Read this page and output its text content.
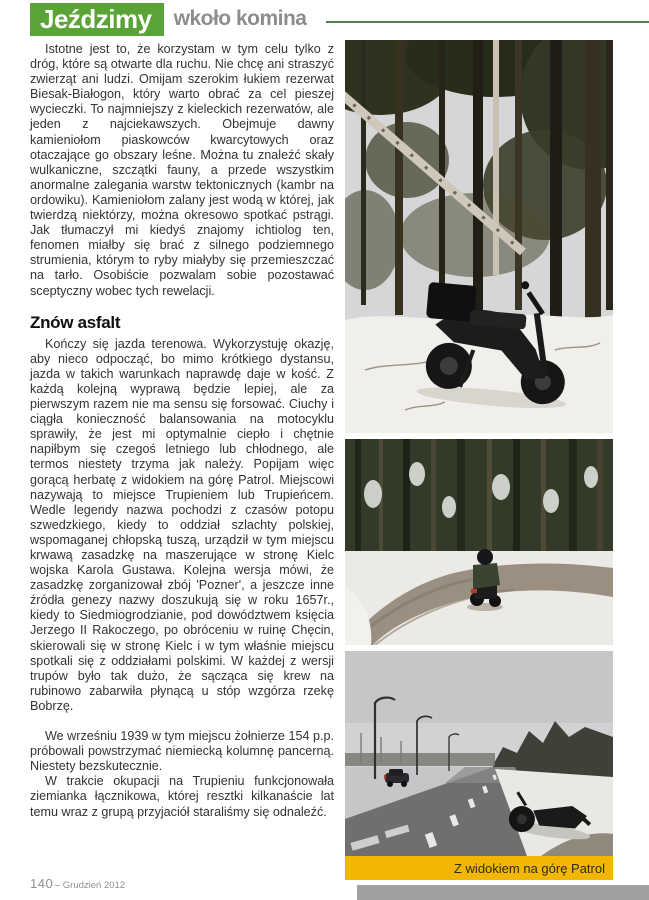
Jeździmy	wkoło komina

Istotne jest to, że korzystam w tym celu tylko z dróg, które są otwarte dla ruchu. Nie chcę ani straszyć zwierząt ani ludzi. Omijam szerokim łukiem rezerwat Biesak-Białogon, który warto obrać za cel pieszej wycieczki. To najmniejszy z kieleckich rezerwatów, ale jeden z najciekawszych. Obejmuje dawny kamieniołom piaskowców kwarcytowych oraz otaczające go obszary leśne. Można tu znaleźć skały wulkaniczne, szczątki fauny, a przede wszystkim anormalne zalegania warstw tektonicznych (kambr na ordowiku). Kamieniołom zalany jest wodą w której, jak twierdzą niektórzy, można okresowo spotkać pstrągi. Jak tłumaczył mi kiedyś znajomy ichtiolog ten, fenomen miałby się brać z silnego podziemnego strumienia, którym to ryby miałyby się przemieszczać na tarło. Osobiście pozwalam sobie pozostawać sceptyczny wobec tych rewelacji.

Znów asfalt

Kończy się jazda terenowa. Wykorzystuję okazję, aby nieco odpocząć, bo mimo krótkiego dystansu, jazda w takich warunkach naprawdę daje w kość. Z każdą kolejną wyprawą będzie lepiej, ale za pierwszym razem nie ma sensu się forsować. Ciuchy i ciągła konieczność balansowania na motocyklu sprawiły, że jest mi optymalnie ciepło i chętnie napiłbym się czegoś letniego lub chłodnego, ale termos niestety trzyma jak należy. Popijam więc gorącą herbatę z widokiem na górę Patrol. Miejscowi nazywają to miejsce Trupieniem lub Trupieńcem. Wedle legendy nazwa pochodzi z czasów potopu szwedzkiego, kiedy to oddział szlachty polskiej, wspomaganej chłopską tuszą, urządził w tym miejscu krwawą zasadzkę na maszerujące w stronę Kielc wojska Karola Gustawa. Kolejna wersja mówi, że zasadzkę zorganizował zbój 'Pozner', a jeszcze inne źródła genezy nazwy doszukują się w roku 1657r., kiedy to Siedmiogrodzianie, pod dowództwem księcia Jerzego II Rakoczego, po obróceniu w ruinę Chęcin, skierowali się w stronę Kielc i w tym właśnie miejscu spotkali się z oddziałami polskimi. W każdej z wersji trupów było tak dużo, że sącząca się krew na rubinowo zabarwiła płynącą u stóp wzgórza rzekę Bobrzę.

We wrześniu 1939 w tym miejscu żołnierze 154 p.p. próbowali powstrzymać niemiecką kolumnę pancerną. Niestety bezskutecznie.

W trakcie okupacji na Trupieniu funkcjonowała ziemianka łącznikowa, której resztki kilkanaście lat temu wraz z grupą przyjaciół staraliśmy się odnaleźć.

Z widokiem na górę Patrol
140 – Grudzień 2012
